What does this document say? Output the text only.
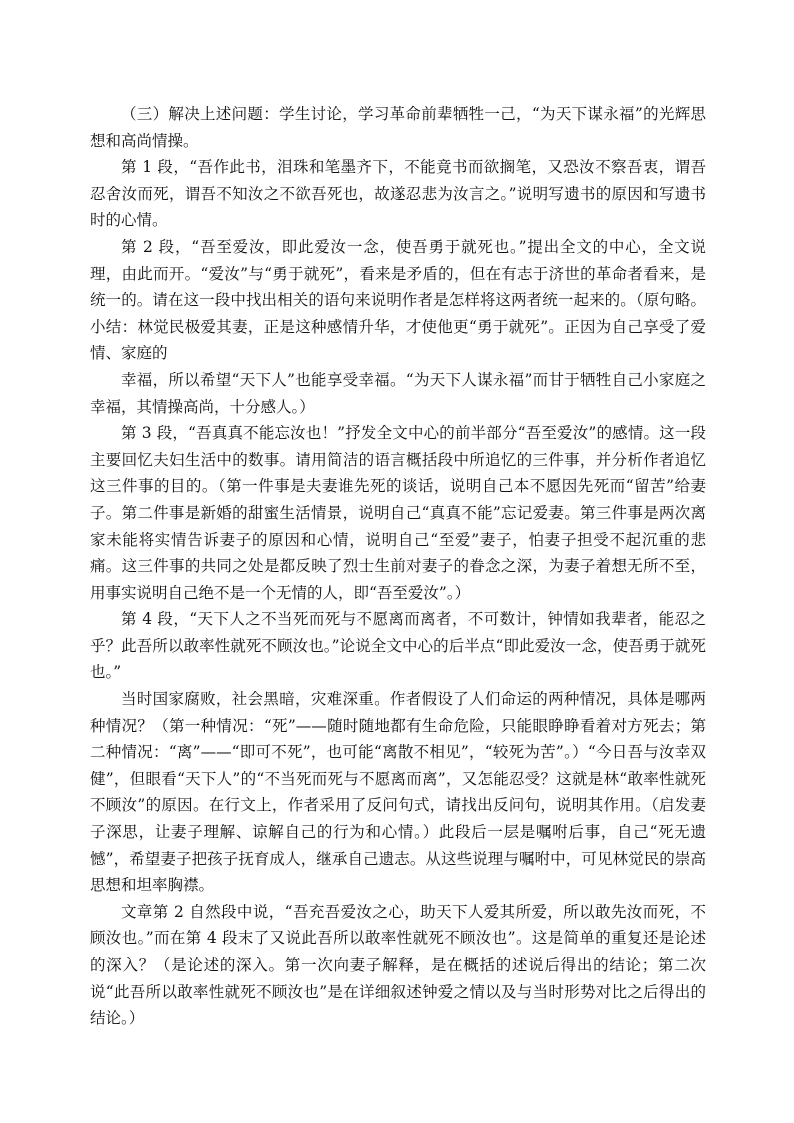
（三）解决上述问题：学生讨论，学习革命前辈牺牲一己，“为天下谋永福”的光辉思想和高尚情操。

第 1 段，“吾作此书，泪珠和笔墨齐下，不能竟书而欲搁笔，又恐汝不察吾衷，谓吾忍舍汝而死，谓吾不知汝之不欲吾死也，故遂忍悲为汝言之。”说明写遗书的原因和写遗书时的心情。

第 2 段，“吾至爱汝，即此爱汝一念，使吾勇于就死也。”提出全文的中心，全文说理，由此而开。“爱汝”与“勇于就死”，看来是矛盾的，但在有志于济世的革命者看来，是统一的。请在这一段中找出相关的语句来说明作者是怎样将这两者统一起来的。（原句略。小结：林觉民极爱其妻，正是这种感情升华，才使他更“勇于就死”。正因为自己享受了爱情、家庭的

幸福，所以希望“天下人”也能享受幸福。“为天下人谋永福”而甘于牺牲自己小家庭之幸福，其情操高尚，十分感人。）

第 3 段，“吾真真不能忘汝也！”抒发全文中心的前半部分“吾至爱汝”的感情。这一段主要回忆夫妇生活中的数事。请用简洁的语言概括段中所追忆的三件事，并分析作者追忆这三件事的目的。（第一件事是夫妻谁先死的谈话，说明自己本不愿因先死而“留苦”给妻子。第二件事是新婚的甜蜜生活情景，说明自己“真真不能”忘记爱妻。第三件事是两次离家未能将实情告诉妻子的原因和心情，说明自己“至爱”妻子，怕妻子担受不起沉重的悲痛。这三件事的共同之处是都反映了烈士生前对妻子的眷念之深，为妻子着想无所不至，用事实说明自己绝不是一个无情的人，即“吾至爱汝”。）

第 4 段，“天下人之不当死而死与不愿离而离者，不可数计，钟情如我辈者，能忍之乎？此吾所以敢率性就死不顾汝也。”论说全文中心的后半点“即此爱汝一念，使吾勇于就死也。”

当时国家腐败，社会黑暗，灾难深重。作者假设了人们命运的两种情况，具体是哪两种情况？（第一种情况：“死”——随时随地都有生命危险，只能眼睁睁看着对方死去；第二种情况：“离”——“即可不死”，也可能“离散不相见”，“较死为苦”。）“今日吾与汝幸双健”，但眼看“天下人”的“不当死而死与不愿离而离”，又怎能忍受？这就是林“敢率性就死不顾汝”的原因。在行文上，作者采用了反问句式，请找出反问句，说明其作用。（启发妻子深思，让妻子理解、谅解自己的行为和心情。）此段后一层是嘱咐后事，自己“死无遗憾”，希望妻子把孩子抚育成人，继承自己遗志。从这些说理与嘱咐中，可见林觉民的崇高思想和坦率胸襟。

文章第 2 自然段中说，“吾充吾爱汝之心，助天下人爱其所爱，所以敢先汝而死，不顾汝也。”而在第 4 段末了又说此吾所以敢率性就死不顾汝也”。这是简单的重复还是论述的深入？（是论述的深入。第一次向妻子解释，是在概括的述说后得出的结论；第二次说“此吾所以敢率性就死不顾汝也”是在详细叙述钟爱之情以及与当时形势对比之后得出的结论。）
